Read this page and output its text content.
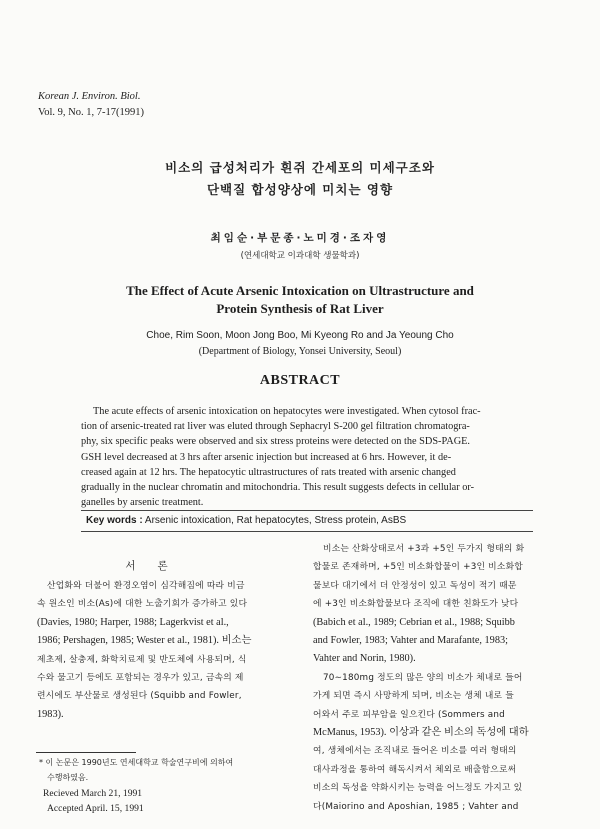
Korean J. Environ. Biol.
Vol. 9, No. 1, 7-17(1991)
비소의 급성처리가 흰쥐 간세포의 미세구조와
단백질 합성양상에 미치는 영향
최임순·부문종·노미경·조자영
(연세대학교 이과대학 생물학과)
The Effect of Acute Arsenic Intoxication on Ultrastructure and
Protein Synthesis of Rat Liver
Choe, Rim Soon, Moon Jong Boo, Mi Kyeong Ro and Ja Yeoung Cho
(Department of Biology, Yonsei University, Seoul)
ABSTRACT
The acute effects of arsenic intoxication on hepatocytes were investigated. When cytosol frac-
tion of arsenic-treated rat liver was eluted through Sephacryl S-200 gel filtration chromatogra-
phy, six specific peaks were observed and six stress proteins were detected on the SDS-PAGE.
GSH level decreased at 3 hrs after arsenic injection but increased at 6 hrs. However, it de-
creased again at 12 hrs. The hepatocytic ultrastructures of rats treated with arsenic changed
gradually in the nuclear chromatin and mitochondria. This result suggests defects in cellular or-
ganelles by arsenic treatment.
Key words : Arsenic intoxication, Rat hepatocytes, Stress protein, AsBS
서론
산업화와 더불어 환경오염이 심각해짐에 따라 비금
속 원소인 비소(As)에 대한 노출기회가 증가하고 있다
(Davies, 1980; Harper, 1988; Lagerkvist et al.,
1986; Pershagen, 1985; Wester et al., 1981). 비소는
제초제, 살충제, 화학치료제 및 반도체에 사용되며, 식
수와 물고기 등에도 포함되는 경우가 있고, 금속의 제
련시에도 부산물로 생성된다 (Squibb and Fowler,
1983).
비소는 산화상태로서 +3과 +5인 두가지 형태의 화
합물로 존재하며, +5인 비소화합물이 +3인 비소화합
물보다 대기에서 더 안정성이 있고 독성이 적기 때문
에 +3인 비소화합물보다 조직에 대한 친화도가 낮다
(Babich et al., 1989; Cebrian et al., 1988; Squibb
and Fowler, 1983; Vahter and Marafante, 1983;
Vahter and Norin, 1980).
70∼180mg 정도의 많은 양의 비소가 체내로 들어
가게 되면 즉시 사망하게 되며, 비소는 생체 내로 들
어와서 주로 피부암을 일으킨다 (Sommers and
McManus, 1953). 이상과 같은 비소의 독성에 대하
여, 생체에서는 조직내로 들어온 비소를 여러 형태의
대사과정을 통하여 해독시켜서 체외로 배출함으로써
비소의 독성을 약화시키는 능력을 어느정도 가지고 있
다(Maiorino and Aposhian, 1985 ; Vahter and
* 이 논문은 1990년도 연세대학교 학술연구비에 의하여
수행하였음.
Recieved March 21, 1991
Accepted April. 15, 1991
